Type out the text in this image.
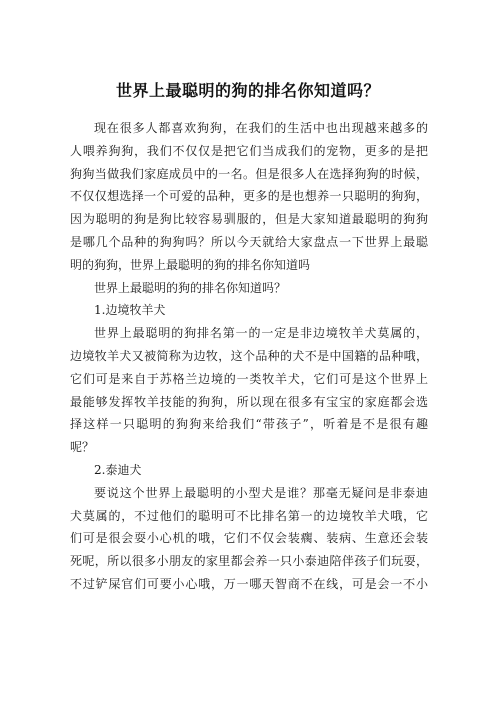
世界上最聪明的狗的排名你知道吗？
现在很多人都喜欢狗狗，在我们的生活中也出现越来越多的
人喂养狗狗，我们不仅仅是把它们当成我们的宠物，更多的是把
狗狗当做我们家庭成员中的一名。但是很多人在选择狗狗的时候，
不仅仅想选择一个可爱的品种，更多的是也想养一只聪明的狗狗，
因为聪明的狗是狗比较容易驯服的，但是大家知道最聪明的狗狗
是哪几个品种的狗狗吗？所以今天就给大家盘点一下世界上最聪
明的狗狗，世界上最聪明的狗的排名你知道吗
世界上最聪明的狗的排名你知道吗？
1.边境牧羊犬
世界上最聪明的狗排名第一的一定是非边境牧羊犬莫属的，
边境牧羊犬又被简称为边牧，这个品种的犬不是中国籍的品种哦，
它们可是来自于苏格兰边境的一类牧羊犬，它们可是这个世界上
最能够发挥牧羊技能的狗狗，所以现在很多有宝宝的家庭都会选
择这样一只聪明的狗狗来给我们“带孩子”，听着是不是很有趣
呢？
2.泰迪犬
要说这个世界上最聪明的小型犬是谁？那毫无疑问是非泰迪
犬莫属的，不过他们的聪明可不比排名第一的边境牧羊犬哦，它
们可是很会耍小心机的哦，它们不仅会装瘸、装病、生意还会装
死呢，所以很多小朋友的家里都会养一只小泰迪陪伴孩子们玩耍，
不过铲屎官们可要小心哦，万一哪天智商不在线，可是会一不小
